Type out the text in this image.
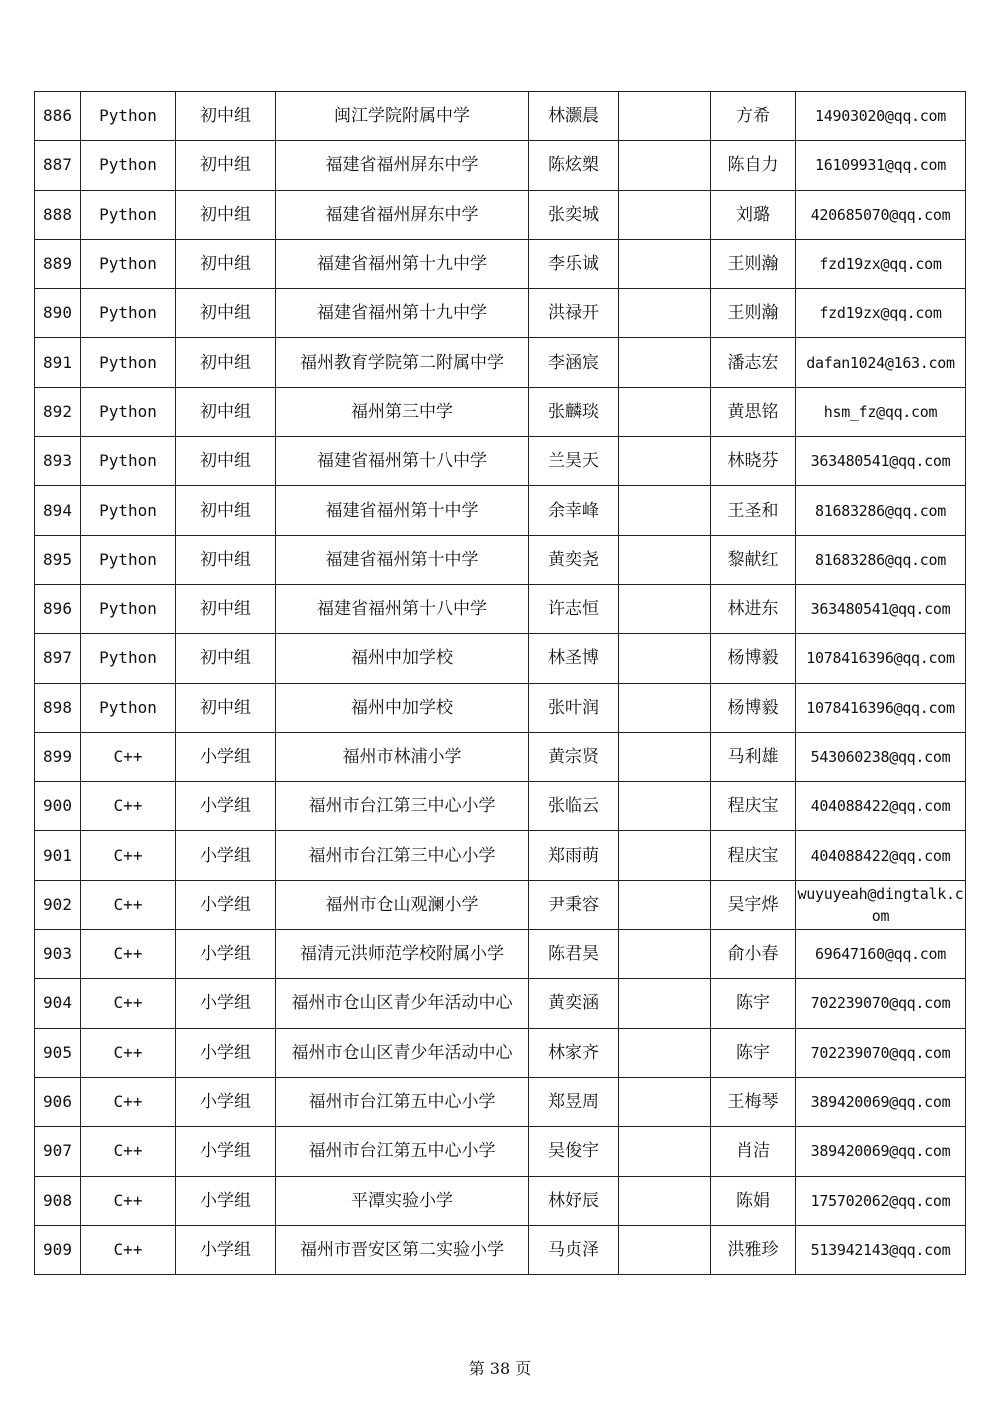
886	Python	初中组	闽江学院附属中学	林灏晨		方希	14903020@qq.com
887	Python	初中组	福建省福州屏东中学	陈炫槊		陈自力	16109931@qq.com
888	Python	初中组	福建省福州屏东中学	张奕城		刘璐	420685070@qq.com
889	Python	初中组	福建省福州第十九中学	李乐诚		王则瀚	fzd19zx@qq.com
890	Python	初中组	福建省福州第十九中学	洪禄开		王则瀚	fzd19zx@qq.com
891	Python	初中组	福州教育学院第二附属中学	李涵宸		潘志宏	dafan1024@163.com
892	Python	初中组	福州第三中学	张麟琰		黄思铭	hsm_fz@qq.com
893	Python	初中组	福建省福州第十八中学	兰昊天		林晓芬	363480541@qq.com
894	Python	初中组	福建省福州第十中学	余幸峰		王圣和	81683286@qq.com
895	Python	初中组	福建省福州第十中学	黄奕尧		黎献红	81683286@qq.com
896	Python	初中组	福建省福州第十八中学	许志恒		林进东	363480541@qq.com
897	Python	初中组	福州中加学校	林圣博		杨博毅	1078416396@qq.com
898	Python	初中组	福州中加学校	张叶润		杨博毅	1078416396@qq.com
899	C++	小学组	福州市林浦小学	黄宗贤		马利雄	543060238@qq.com
900	C++	小学组	福州市台江第三中心小学	张临云		程庆宝	404088422@qq.com
901	C++	小学组	福州市台江第三中心小学	郑雨萌		程庆宝	404088422@qq.com
902	C++	小学组	福州市仓山观澜小学	尹秉容		吴宇烨	wuyuyeah@dingtalk.com
903	C++	小学组	福清元洪师范学校附属小学	陈君昊		俞小春	69647160@qq.com
904	C++	小学组	福州市仓山区青少年活动中心	黄奕涵		陈宇	702239070@qq.com
905	C++	小学组	福州市仓山区青少年活动中心	林家齐		陈宇	702239070@qq.com
906	C++	小学组	福州市台江第五中心小学	郑昱周		王梅琴	389420069@qq.com
907	C++	小学组	福州市台江第五中心小学	吴俊宇		肖洁	389420069@qq.com
908	C++	小学组	平潭实验小学	林妤辰		陈娟	175702062@qq.com
909	C++	小学组	福州市晋安区第二实验小学	马贞泽		洪雅珍	513942143@qq.com
第 38 页
